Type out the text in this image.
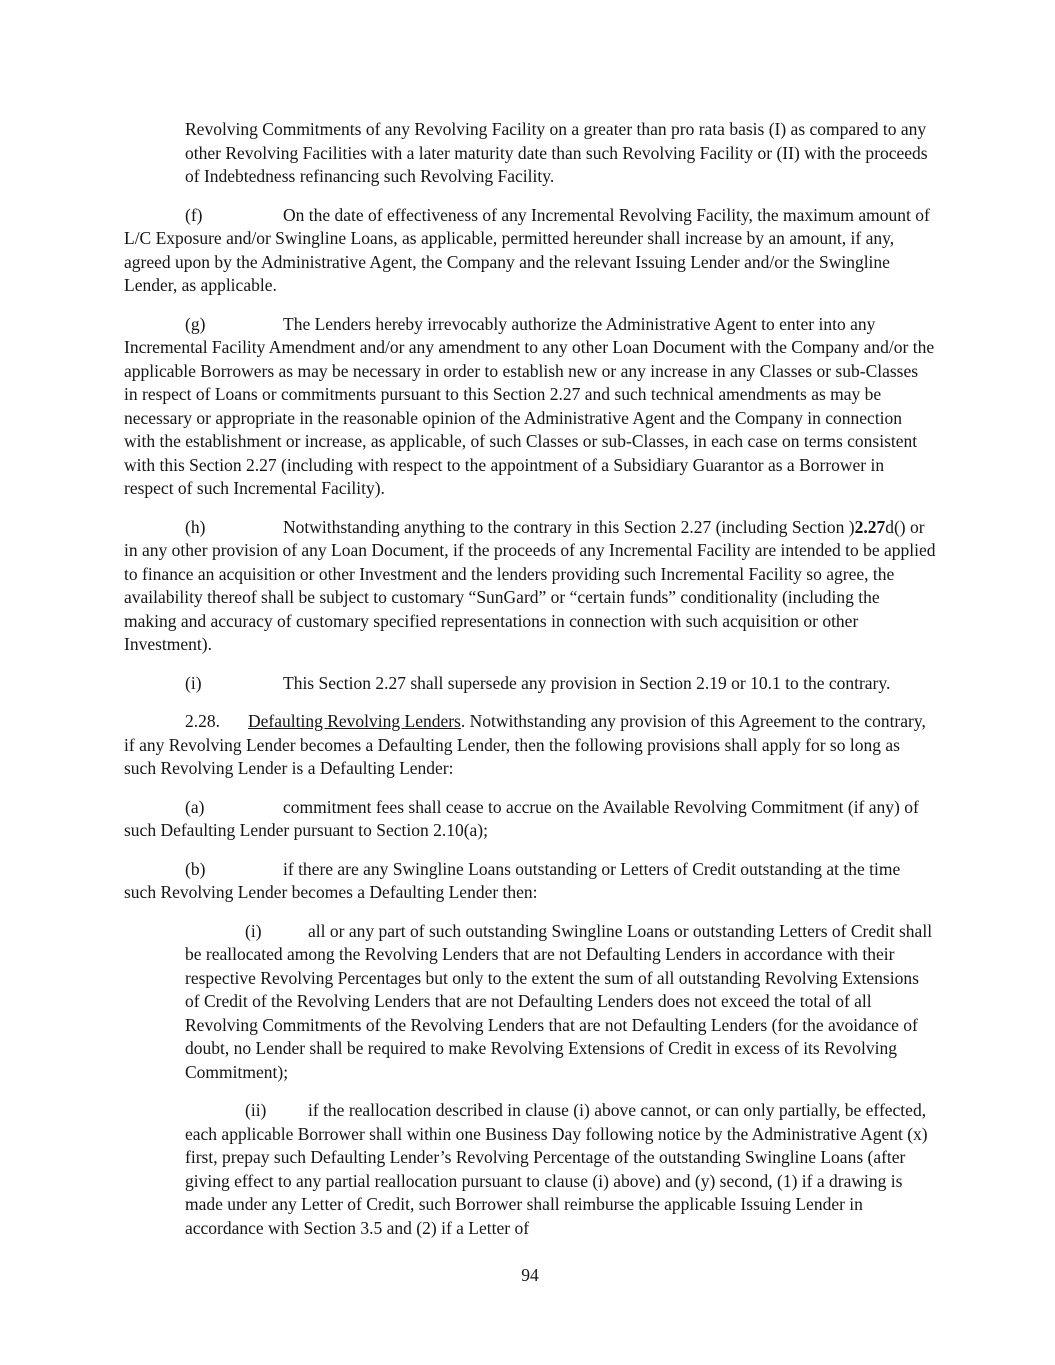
Revolving Commitments of any Revolving Facility on a greater than pro rata basis (I) as compared to any other Revolving Facilities with a later maturity date than such Revolving Facility or (II) with the proceeds of Indebtedness refinancing such Revolving Facility.

(f)	On the date of effectiveness of any Incremental Revolving Facility, the maximum amount of L/C Exposure and/or Swingline Loans, as applicable, permitted hereunder shall increase by an amount, if any, agreed upon by the Administrative Agent, the Company and the relevant Issuing Lender and/or the Swingline Lender, as applicable.

(g)	The Lenders hereby irrevocably authorize the Administrative Agent to enter into any Incremental Facility Amendment and/or any amendment to any other Loan Document with the Company and/or the applicable Borrowers as may be necessary in order to establish new or any increase in any Classes or sub-Classes in respect of Loans or commitments pursuant to this Section 2.27 and such technical amendments as may be necessary or appropriate in the reasonable opinion of the Administrative Agent and the Company in connection with the establishment or increase, as applicable, of such Classes or sub-Classes, in each case on terms consistent with this Section 2.27 (including with respect to the appointment of a Subsidiary Guarantor as a Borrower in respect of such Incremental Facility).

(h)	Notwithstanding anything to the contrary in this Section 2.27 (including Section )2.27d() or in any other provision of any Loan Document, if the proceeds of any Incremental Facility are intended to be applied to finance an acquisition or other Investment and the lenders providing such Incremental Facility so agree, the availability thereof shall be subject to customary “SunGard” or “certain funds” conditionality (including the making and accuracy of customary specified representations in connection with such acquisition or other Investment).

(i)	This Section 2.27 shall supersede any provision in Section 2.19 or 10.1 to the contrary.

2.28. Defaulting Revolving Lenders. Notwithstanding any provision of this Agreement to the contrary, if any Revolving Lender becomes a Defaulting Lender, then the following provisions shall apply for so long as such Revolving Lender is a Defaulting Lender:

(a)	commitment fees shall cease to accrue on the Available Revolving Commitment (if any) of such Defaulting Lender pursuant to Section 2.10(a);

(b)	if there are any Swingline Loans outstanding or Letters of Credit outstanding at the time such Revolving Lender becomes a Defaulting Lender then:

(i)	all or any part of such outstanding Swingline Loans or outstanding Letters of Credit shall be reallocated among the Revolving Lenders that are not Defaulting Lenders in accordance with their respective Revolving Percentages but only to the extent the sum of all outstanding Revolving Extensions of Credit of the Revolving Lenders that are not Defaulting Lenders does not exceed the total of all Revolving Commitments of the Revolving Lenders that are not Defaulting Lenders (for the avoidance of doubt, no Lender shall be required to make Revolving Extensions of Credit in excess of its Revolving Commitment);

(ii) if the reallocation described in clause (i) above cannot, or can only partially, be effected, each applicable Borrower shall within one Business Day following notice by the Administrative Agent (x) first, prepay such Defaulting Lender’s Revolving Percentage of the outstanding Swingline Loans (after giving effect to any partial reallocation pursuant to clause (i) above) and (y) second, (1) if a drawing is made under any Letter of Credit, such Borrower shall reimburse the applicable Issuing Lender in accordance with Section 3.5 and (2) if a Letter of

94
